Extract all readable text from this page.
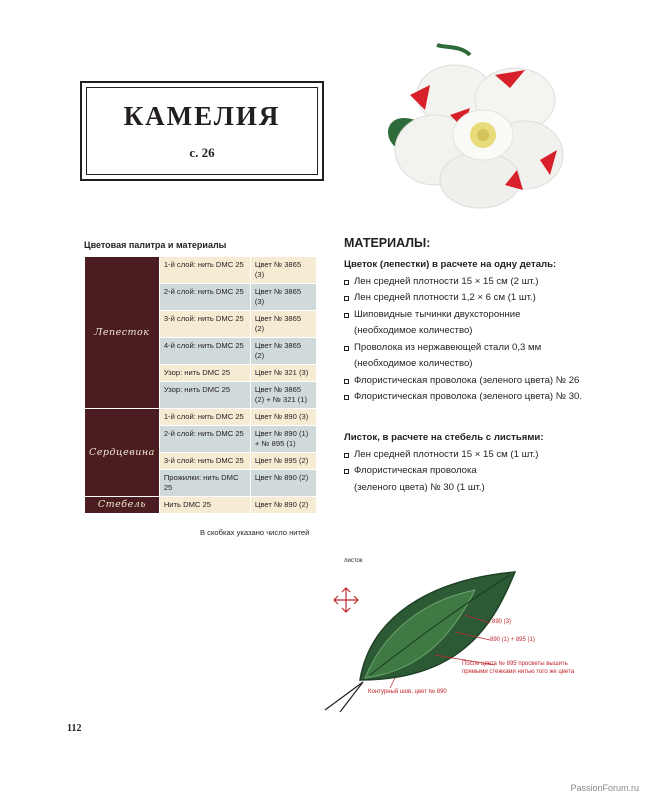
КАМЕЛИЯ
с. 26
Цветовая палитра и материалы
Лепесток	1-й слой: нить DMC 25	Цвет № 3865 (3)
	2-й слой: нить DMC 25	Цвет № 3865 (3)
	3-й слой: нить DMC 25	Цвет № 3865 (2)
	4-й слой: нить DMC 25	Цвет № 3865 (2)
	Узор: нить DMC 25	Цвет № 321 (3)
	Узор: нить DMC 25	Цвет № 3865 (2) + № 321 (1)
Сердцевина	1-й слой: нить DMC 25	Цвет № 890 (3)
	2-й слой: нить DMC 25	Цвет № 890 (1) + № 895 (1)
	3-й слой: нить DMC 25	Цвет № 895 (2)
	Прожилки: нить DMC 25	Цвет № 890 (2)
Стебель	Нить DMC 25	Цвет № 890 (2)
В скобках указано число нитей
МАТЕРИАЛЫ:
Цветок (лепестки) в расчете на одну деталь:
Лен средней плотности 15 × 15 см (2 шт.)
Лен средней плотности 1,2 × 6 см (1 шт.)
Шиповидные тычинки двухсторонние
(необходимое количество)
Проволока из нержавеющей стали 0,3 мм
(необходимое количество)
Флористическая проволока (зеленого цвета) № 26
Флористическая проволока (зеленого цвета) № 30.
Листок, в расчете на стебель с листьями:
Лен средней плотности 15 × 15 см (1 шт.)
Флористическая проволока
(зеленого цвета) № 30 (1 шт.)
листок
890 (3)
890 (1) + 895 (1)
После цвета № 895 просветы вышить прямыми стежками нитью того же цвета
Контурный шов, цвет № 890
112
PassionForum.ru
